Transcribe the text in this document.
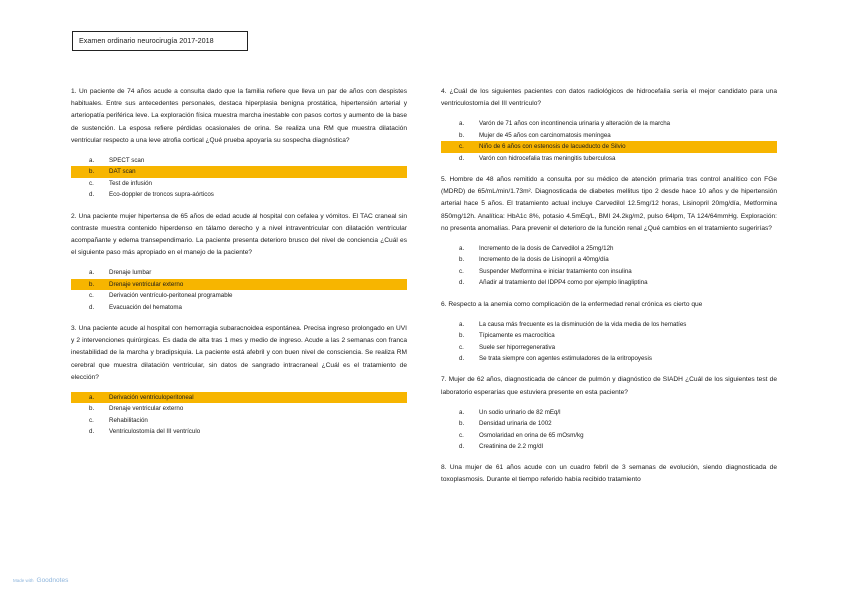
Examen ordinario neurocirugía 2017-2018

1. Un paciente de 74 años acude a consulta dado que la familia refiere que lleva un par de años con despistes habituales. Entre sus antecedentes personales, destaca hiperplasia benigna prostática, hipertensión arterial y arteriopatía periférica leve. La exploración física muestra marcha inestable con pasos cortos y aumento de la base de sustención. La esposa refiere pérdidas ocasionales de orina. Se realiza una RM que muestra dilatación ventricular respecto a una leve atrofia cortical ¿Qué prueba apoyaría su sospecha diagnóstica?

a. SPECT scan
b. DAT scan
c. Test de infusión
d. Eco-doppler de troncos supra-aórticos

2. Una paciente mujer hipertensa de 65 años de edad acude al hospital con cefalea y vómitos. El TAC craneal sin contraste muestra contenido hiperdenso en tálamo derecho y a nivel intraventricular con dilatación ventricular acompañante y edema transependimario. La paciente presenta deterioro brusco del nivel de conciencia ¿Cuál es el siguiente paso más apropiado en el manejo de la paciente?

a. Drenaje lumbar
b. Drenaje ventricular externo
c. Derivación ventrículo-peritoneal programable
d. Evacuación del hematoma

3. Una paciente acude al hospital con hemorragia subaracnoidea espontánea. Precisa ingreso prolongado en UVI y 2 intervenciones quirúrgicas. Es dada de alta tras 1 mes y medio de ingreso. Acude a las 2 semanas con franca inestabilidad de la marcha y bradipsiquia. La paciente está afebril y con buen nivel de consciencia. Se realiza RM cerebral que muestra dilatación ventricular, sin datos de sangrado intracraneal ¿Cuál es el tratamiento de elección?

a. Derivación ventriculoperitoneal
b. Drenaje ventricular externo
c. Rehabilitación
d. Ventriculostomía del III ventrículo

4. ¿Cuál de los siguientes pacientes con datos radiológicos de hidrocefalia sería el mejor candidato para una ventriculostomía del III ventrículo?

a. Varón de 71 años con incontinencia urinaria y alteración de la marcha
b. Mujer de 45 años con carcinomatosis meníngea
c. Niño de 6 años con estenosis de lacueducto de Silvio
d. Varón con hidrocefalia tras meningitis tuberculosa

5. Hombre de 48 años remitido a consulta por su médico de atención primaria tras control analítico con FGe (MDRD) de 65/mL/min/1.73m². Diagnosticada de diabetes mellitus tipo 2 desde hace 10 años y de hipertensión arterial hace 5 años. El tratamiento actual incluye Carvedilol 12.5mg/12 horas, Lisinopril 20mg/día, Metformina 850mg/12h. Analítica: HbA1c 8%, potasio 4.5mEq/L, BMI 24.2kg/m2, pulso 64lpm, TA 124/64mmHg. Exploración: no presenta anomalías. Para prevenir el deterioro de la función renal ¿Qué cambios en el tratamiento sugerirías?

a. Incremento de la dosis de Carvedilol a 25mg/12h
b. Incremento de la dosis de Lisinopril a 40mg/día
c. Suspender Metformina e iniciar tratamiento con insulina
d. Añadir al tratamiento del IDPP4 como por ejemplo linagliptina

6. Respecto a la anemia como complicación de la enfermedad renal crónica es cierto que

a. La causa más frecuente es la disminución de la vida media de los hematíes
b. Típicamente es macrocítica
c. Suele ser hiporregenerativa
d. Se trata siempre con agentes estimuladores de la eritropoyesis

7. Mujer de 62 años, diagnosticada de cáncer de pulmón y diagnóstico de SIADH ¿Cuál de los siguientes test de laboratorio esperarías que estuviera presente en esta paciente?

a. Un sodio urinario de 82 mEq/l
b. Densidad urinaria de 1002
c. Osmolaridad en orina de 65 mOsm/kg
d. Creatinina de 2.2 mg/dl

8. Una mujer de 61 años acude con un cuadro febril de 3 semanas de evolución, siendo diagnosticada de toxoplasmosis. Durante el tiempo referido había recibido tratamiento

Made with Goodnotes
